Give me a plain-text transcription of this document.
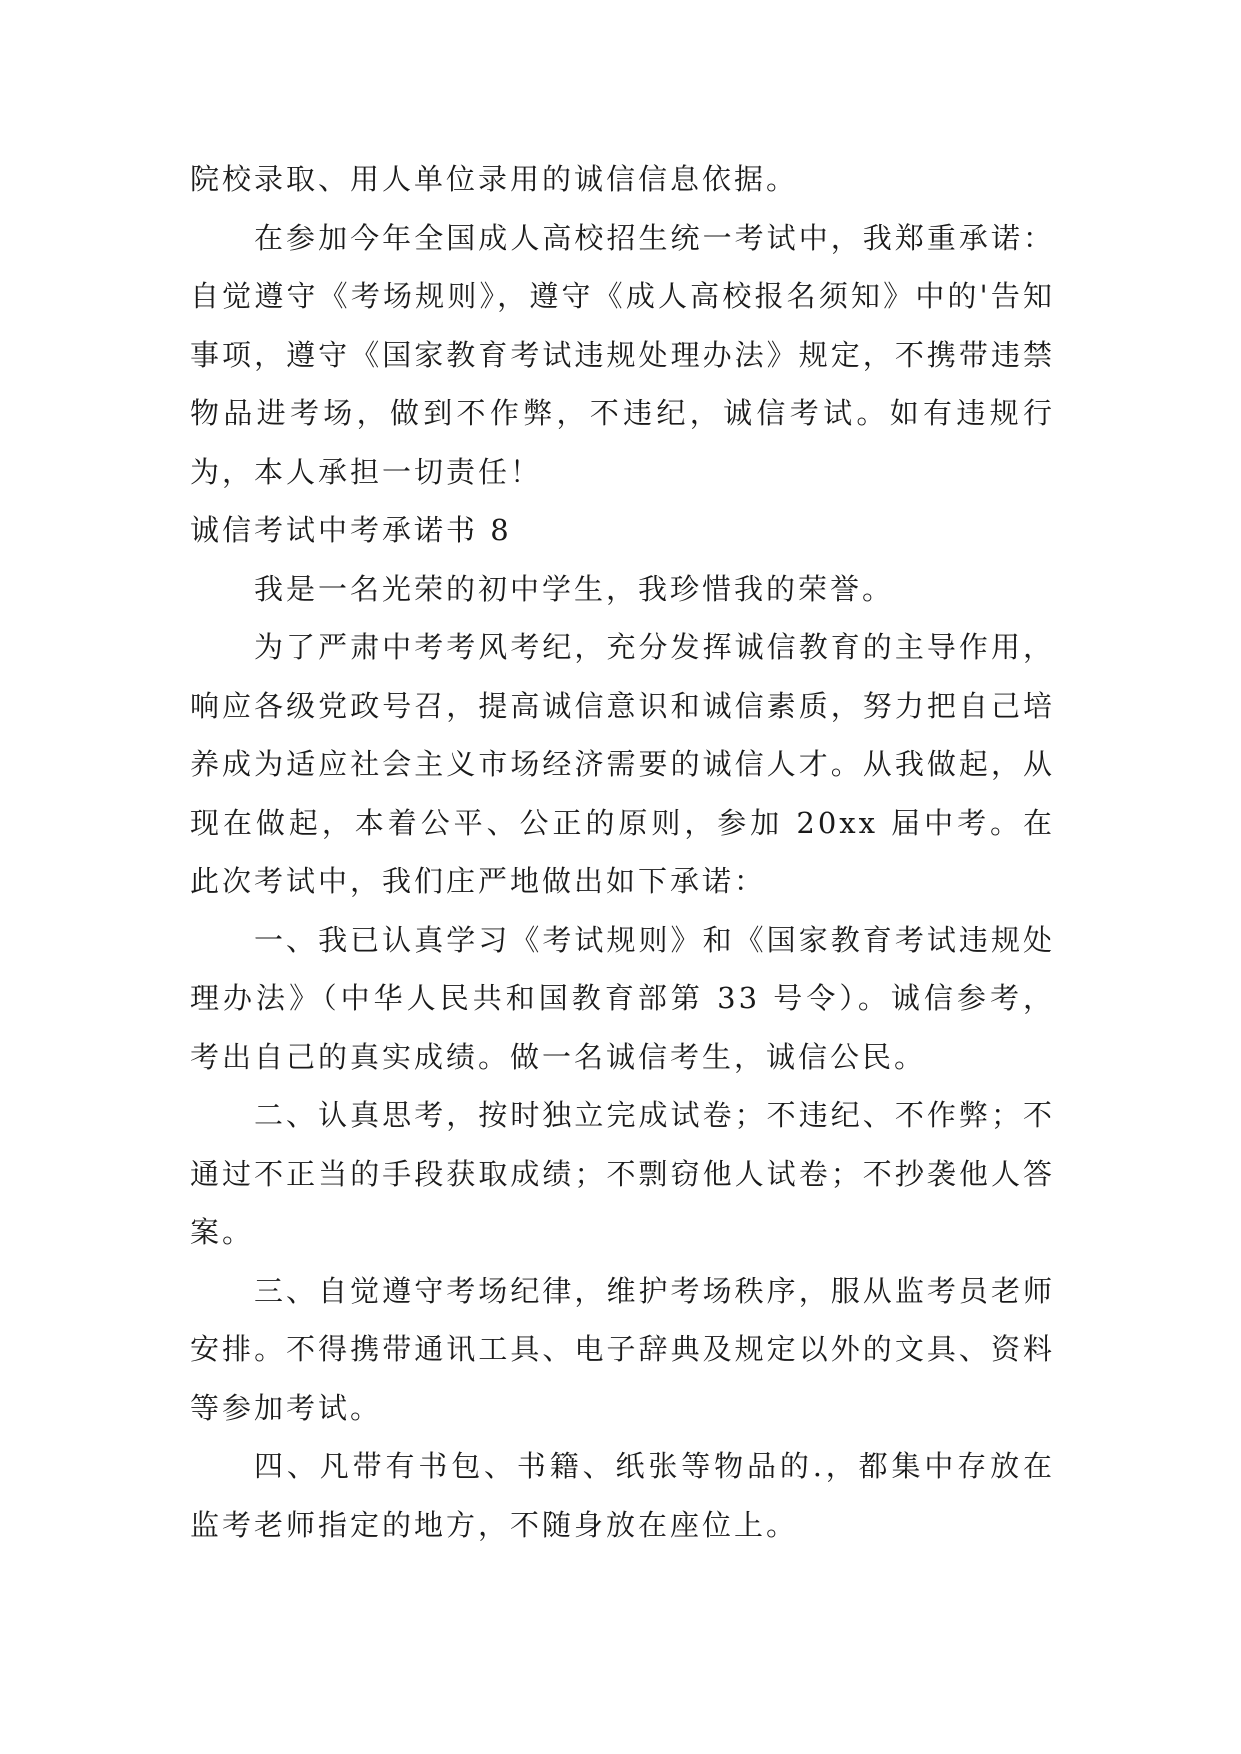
院校录取、用人单位录用的诚信信息依据。

在参加今年全国成人高校招生统一考试中，我郑重承诺：自觉遵守《考场规则》，遵守《成人高校报名须知》中的'告知事项，遵守《国家教育考试违规处理办法》规定，不携带违禁物品进考场，做到不作弊，不违纪，诚信考试。如有违规行为，本人承担一切责任！

诚信考试中考承诺书 8

我是一名光荣的初中学生，我珍惜我的荣誉。

为了严肃中考考风考纪，充分发挥诚信教育的主导作用，响应各级党政号召，提高诚信意识和诚信素质，努力把自己培养成为适应社会主义市场经济需要的诚信人才。从我做起，从现在做起，本着公平、公正的原则，参加 20xx 届中考。在此次考试中，我们庄严地做出如下承诺：

一、我已认真学习《考试规则》和《国家教育考试违规处理办法》（中华人民共和国教育部第 33 号令）。诚信参考，考出自己的真实成绩。做一名诚信考生，诚信公民。

二、认真思考，按时独立完成试卷；不违纪、不作弊；不通过不正当的手段获取成绩；不剽窃他人试卷；不抄袭他人答案。

三、自觉遵守考场纪律，维护考场秩序，服从监考员老师安排。不得携带通讯工具、电子辞典及规定以外的文具、资料等参加考试。

四、凡带有书包、书籍、纸张等物品的.，都集中存放在监考老师指定的地方，不随身放在座位上。
